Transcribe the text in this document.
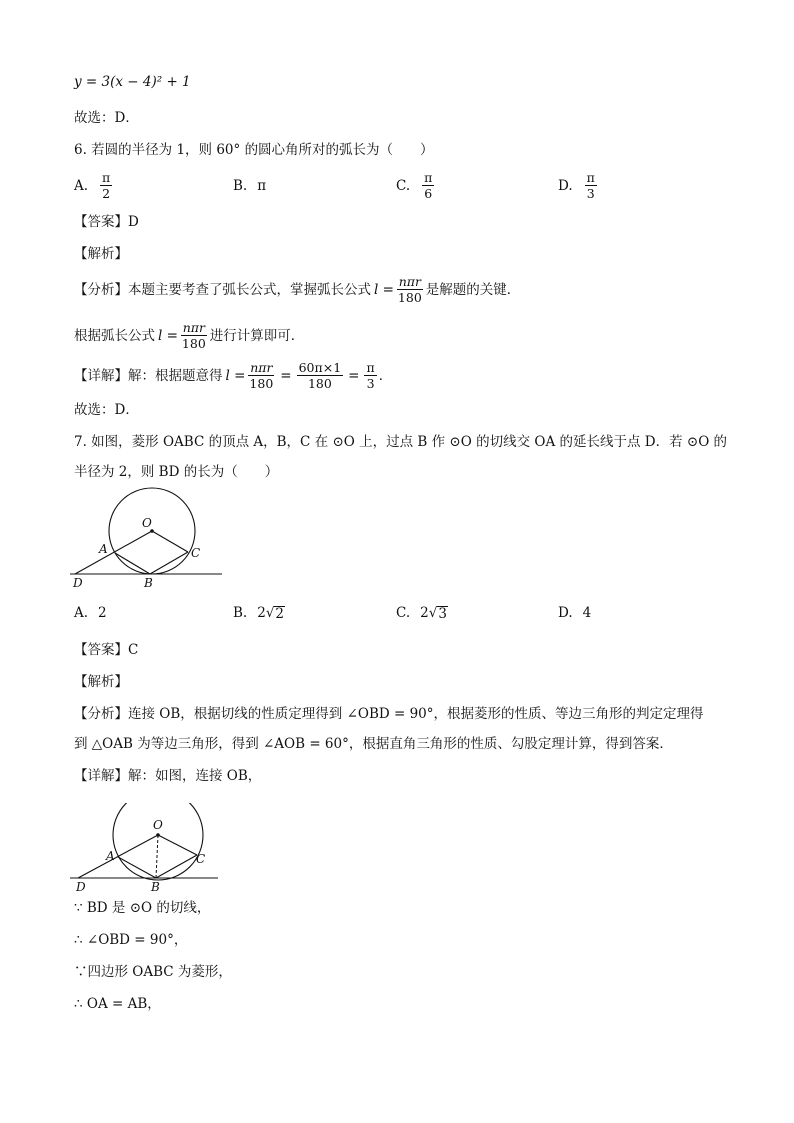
y = 3(x − 4)² + 1
故选：D．
6. 若圆的半径为 1，则 60° 的圆心角所对的弧长为（　　）
A. $\frac{\pi}{2}$	B. π	C. $\frac{\pi}{6}$	D. $\frac{\pi}{3}$
【答案】D
【解析】
【分析】本题主要考查了弧长公式，掌握弧长公式 $l = \frac{\text{nπr}}{180}$ 是解题的关键．
根据弧长公式 $l = \frac{\text{nπr}}{180}$ 进行计算即可．
【详解】解：根据题意得 $l = \frac{\text{nπr}}{180} = \frac{60\pi\times 1}{180} = \frac{\pi}{3}$ ．
故选：D．
7. 如图，菱形 OABC 的顶点 A，B，C 在 ⊙O 上，过点 B 作 ⊙O 的切线交 OA 的延长线于点 D．若 ⊙O 的
半径为 2，则 BD 的长为（　　）
O
A	C
B
D
A. 2	B. 2 √ 2	C. 2 √ 3	D. 4
【答案】C
【解析】
【分析】连接 OB，根据切线的性质定理得到 ∠OBD = 90°，根据菱形的性质、等边三角形的判定定理得
到 △OAB 为等边三角形，得到 ∠AOB = 60°，根据直角三角形的性质、勾股定理计算，得到答案．
【详解】解：如图，连接 OB，
O
A	C
B
D
∵ BD 是 ⊙O 的切线，
∴ ∠OBD = 90°，
∵四边形 OABC 为菱形，
∴ OA = AB，
